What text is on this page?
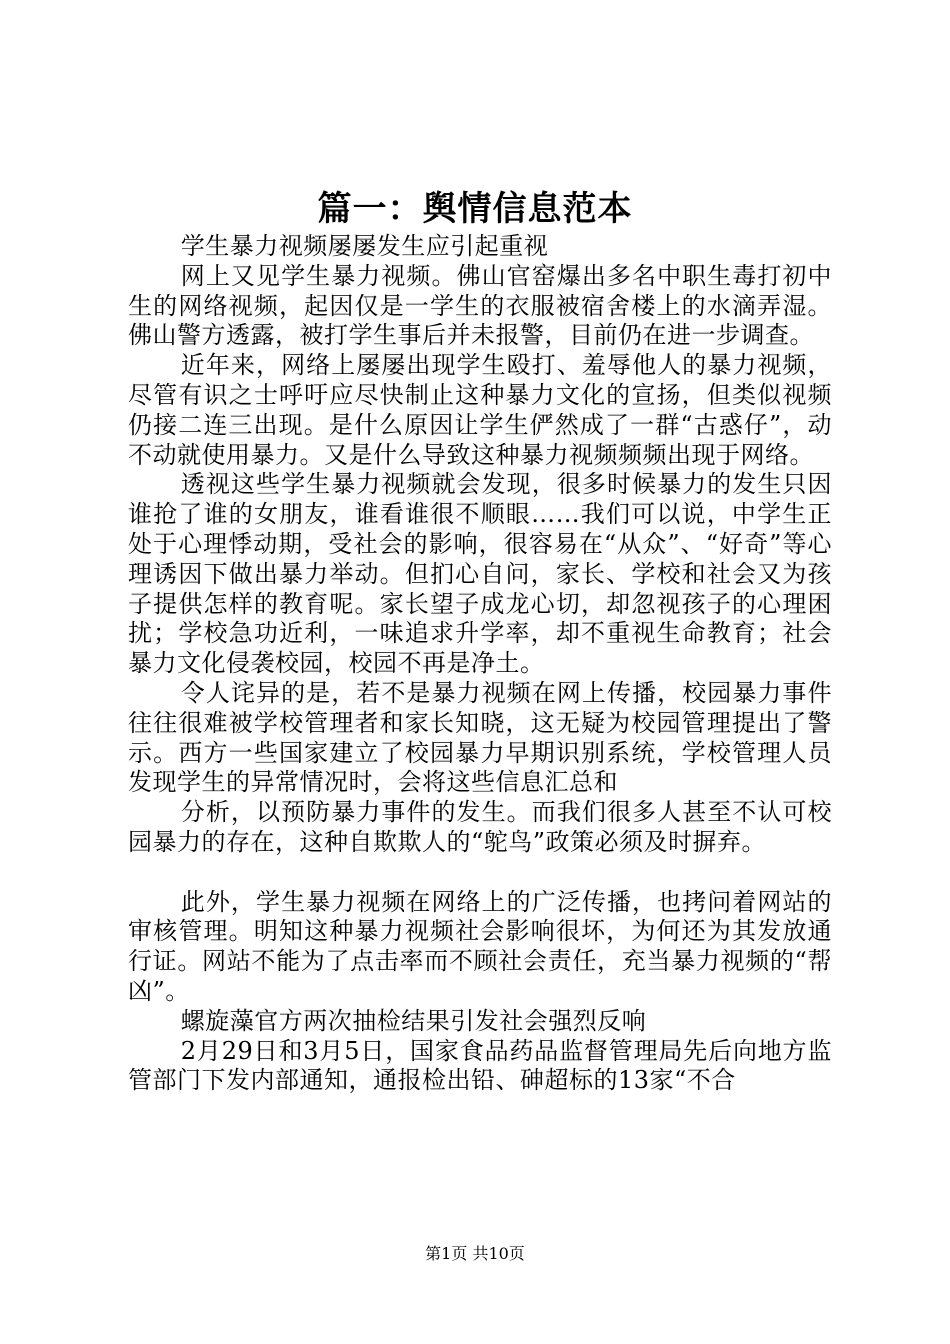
篇一：舆情信息范本

学生暴力视频屡屡发生应引起重视

网上又见学生暴力视频。佛山官窑爆出多名中职生毒打初中生的网络视频，起因仅是一学生的衣服被宿舍楼上的水滴弄湿。佛山警方透露，被打学生事后并未报警，目前仍在进一步调查。

近年来，网络上屡屡出现学生殴打、羞辱他人的暴力视频，尽管有识之士呼吁应尽快制止这种暴力文化的宣扬，但类似视频仍接二连三出现。是什么原因让学生俨然成了一群“古惑仔”，动不动就使用暴力。又是什么导致这种暴力视频频频出现于网络。

透视这些学生暴力视频就会发现，很多时候暴力的发生只因谁抢了谁的女朋友，谁看谁很不顺眼……我们可以说，中学生正处于心理悸动期，受社会的影响，很容易在“从众”、“好奇”等心理诱因下做出暴力举动。但扪心自问，家长、学校和社会又为孩子提供怎样的教育呢。家长望子成龙心切，却忽视孩子的心理困扰；学校急功近利，一味追求升学率，却不重视生命教育；社会暴力文化侵袭校园，校园不再是净土。

令人诧异的是，若不是暴力视频在网上传播，校园暴力事件往往很难被学校管理者和家长知晓，这无疑为校园管理提出了警示。西方一些国家建立了校园暴力早期识别系统，学校管理人员发现学生的异常情况时，会将这些信息汇总和

分析，以预防暴力事件的发生。而我们很多人甚至不认可校园暴力的存在，这种自欺欺人的“鸵鸟”政策必须及时摒弃。

此外，学生暴力视频在网络上的广泛传播，也拷问着网站的审核管理。明知这种暴力视频社会影响很坏，为何还为其发放通行证。网站不能为了点击率而不顾社会责任，充当暴力视频的“帮凶”。

螺旋藻官方两次抽检结果引发社会强烈反响

2月29日和3月5日，国家食品药品监督管理局先后向地方监管部门下发内部通知，通报检出铅、砷超标的13家“不合

第1页 共10页
